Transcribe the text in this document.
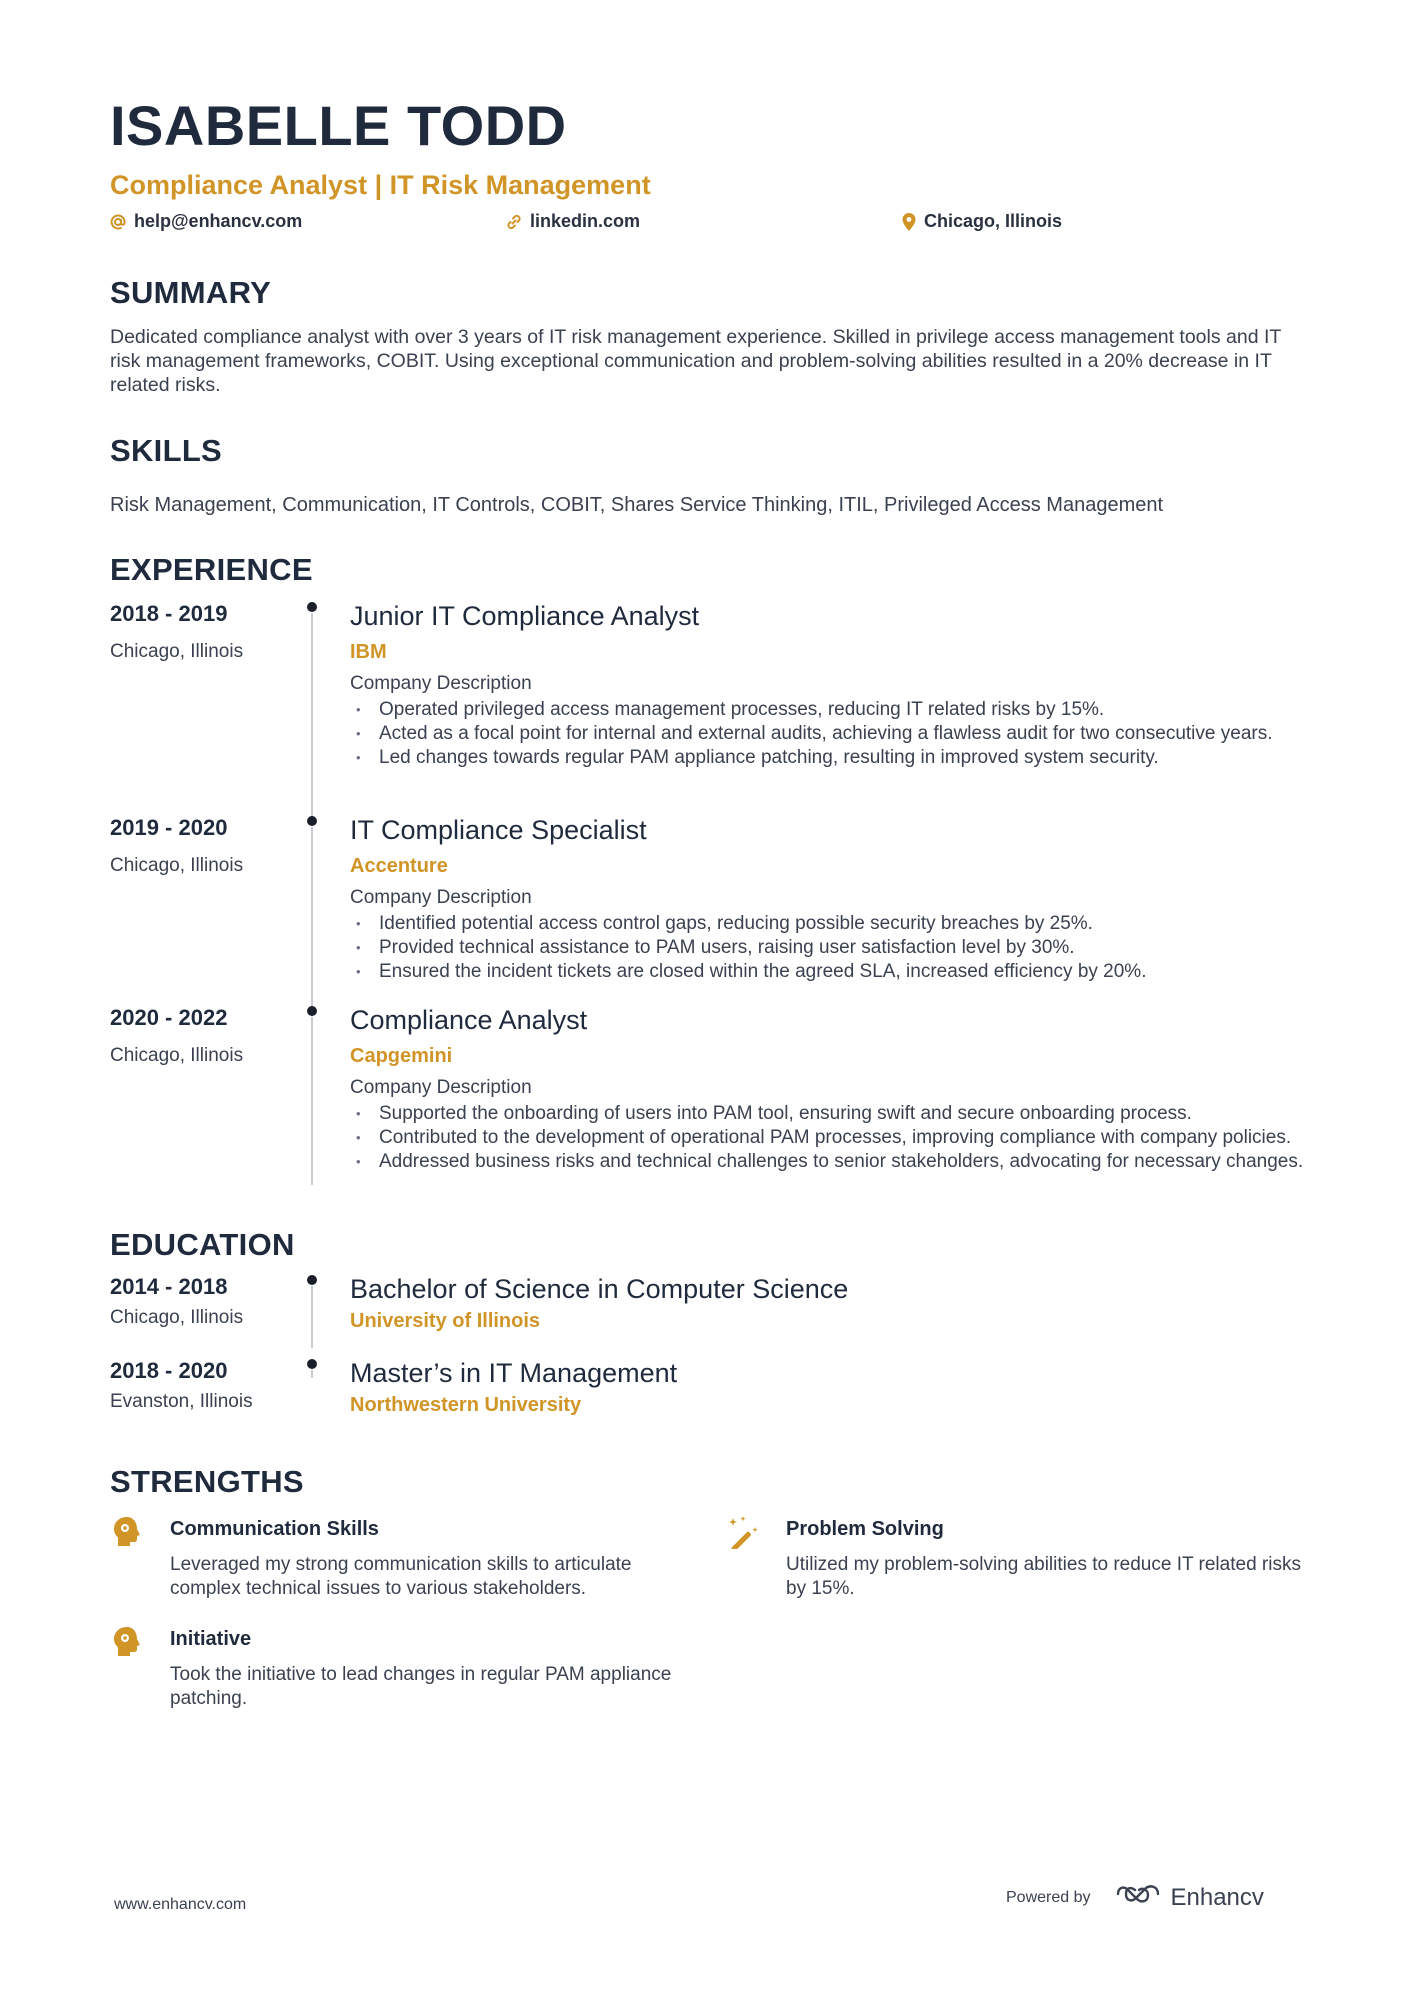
ISABELLE TODD
Compliance Analyst | IT Risk Management
help@enhancv.com	linkedin.com	Chicago, Illinois
SUMMARY
Dedicated compliance analyst with over 3 years of IT risk management experience. Skilled in privilege access management tools and IT risk management frameworks, COBIT. Using exceptional communication and problem-solving abilities resulted in a 20% decrease in IT related risks.
SKILLS
Risk Management, Communication, IT Controls, COBIT, Shares Service Thinking, ITIL, Privileged Access Management
EXPERIENCE
2018 - 2019
Chicago, Illinois
Junior IT Compliance Analyst
IBM
Company Description
• Operated privileged access management processes, reducing IT related risks by 15%.
• Acted as a focal point for internal and external audits, achieving a flawless audit for two consecutive years.
• Led changes towards regular PAM appliance patching, resulting in improved system security.
2019 - 2020
Chicago, Illinois
IT Compliance Specialist
Accenture
Company Description
• Identified potential access control gaps, reducing possible security breaches by 25%.
• Provided technical assistance to PAM users, raising user satisfaction level by 30%.
• Ensured the incident tickets are closed within the agreed SLA, increased efficiency by 20%.
2020 - 2022
Chicago, Illinois
Compliance Analyst
Capgemini
Company Description
• Supported the onboarding of users into PAM tool, ensuring swift and secure onboarding process.
• Contributed to the development of operational PAM processes, improving compliance with company policies.
• Addressed business risks and technical challenges to senior stakeholders, advocating for necessary changes.
EDUCATION
2014 - 2018
Chicago, Illinois
Bachelor of Science in Computer Science
University of Illinois
2018 - 2020
Evanston, Illinois
Master’s in IT Management
Northwestern University
STRENGTHS
Communication Skills
Leveraged my strong communication skills to articulate complex technical issues to various stakeholders.
Problem Solving
Utilized my problem-solving abilities to reduce IT related risks by 15%.
Initiative
Took the initiative to lead changes in regular PAM appliance patching.
www.enhancv.com	Powered by	Enhancv
